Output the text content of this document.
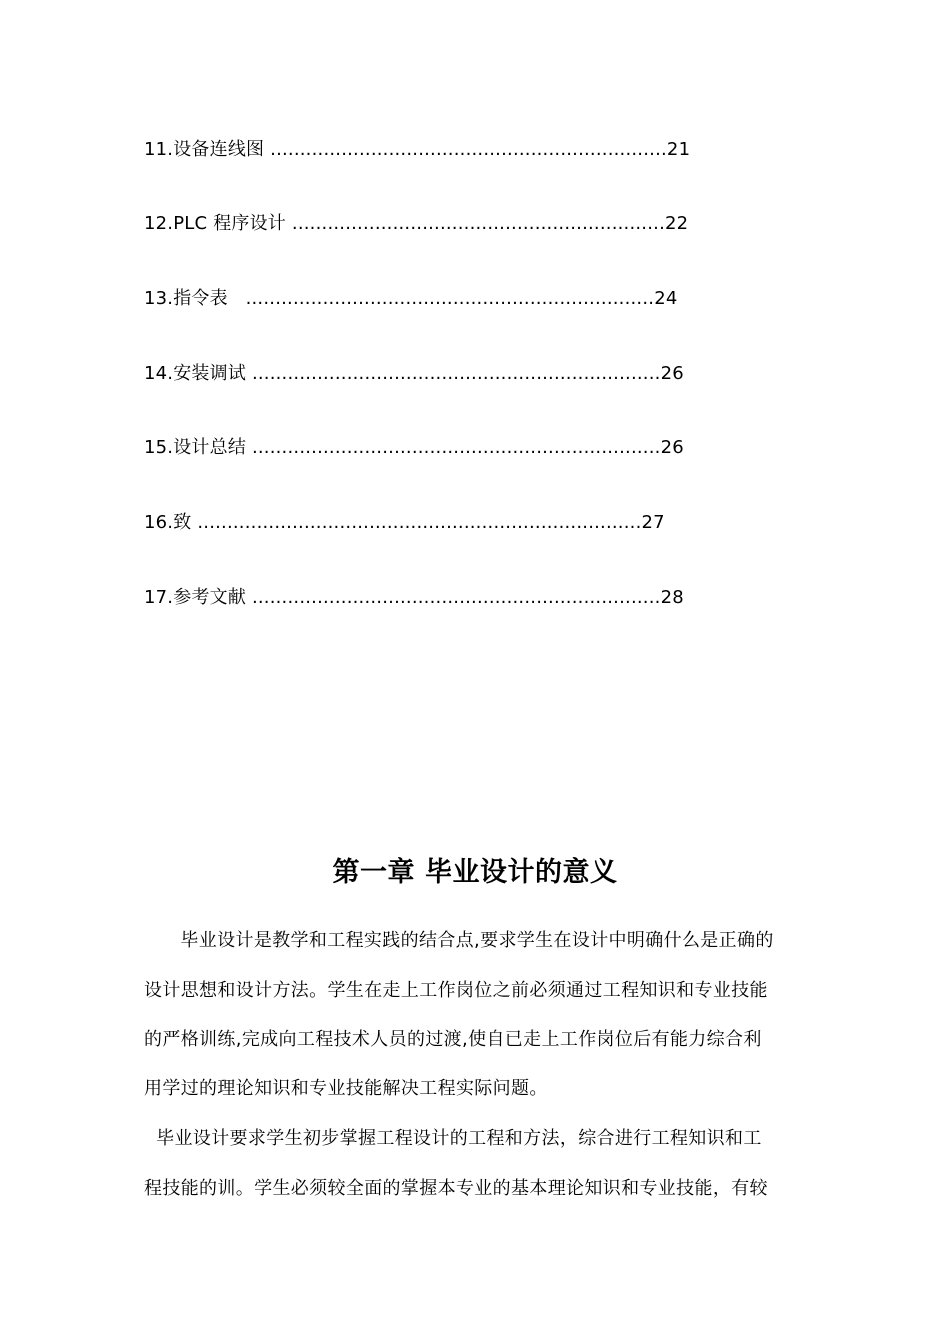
11.设备连线图 ...................................................................21
12.PLC 程序设计 ...............................................................22
13.指令表   .....................................................................24
14.安装调试 .....................................................................26
15.设计总结 .....................................................................26
16.致 ...........................................................................27
17.参考文献 .....................................................................28
第一章 毕业设计的意义
毕业设计是教学和工程实践的结合点,要求学生在设计中明确什么是正确的
设计思想和设计方法。学生在走上工作岗位之前必须通过工程知识和专业技能
的严格训练,完成向工程技术人员的过渡,使自已走上工作岗位后有能力综合利
用学过的理论知识和专业技能解决工程实际问题。
毕业设计要求学生初步掌握工程设计的工程和方法，综合进行工程知识和工
程技能的训。学生必须较全面的掌握本专业的基本理论知识和专业技能，有较
